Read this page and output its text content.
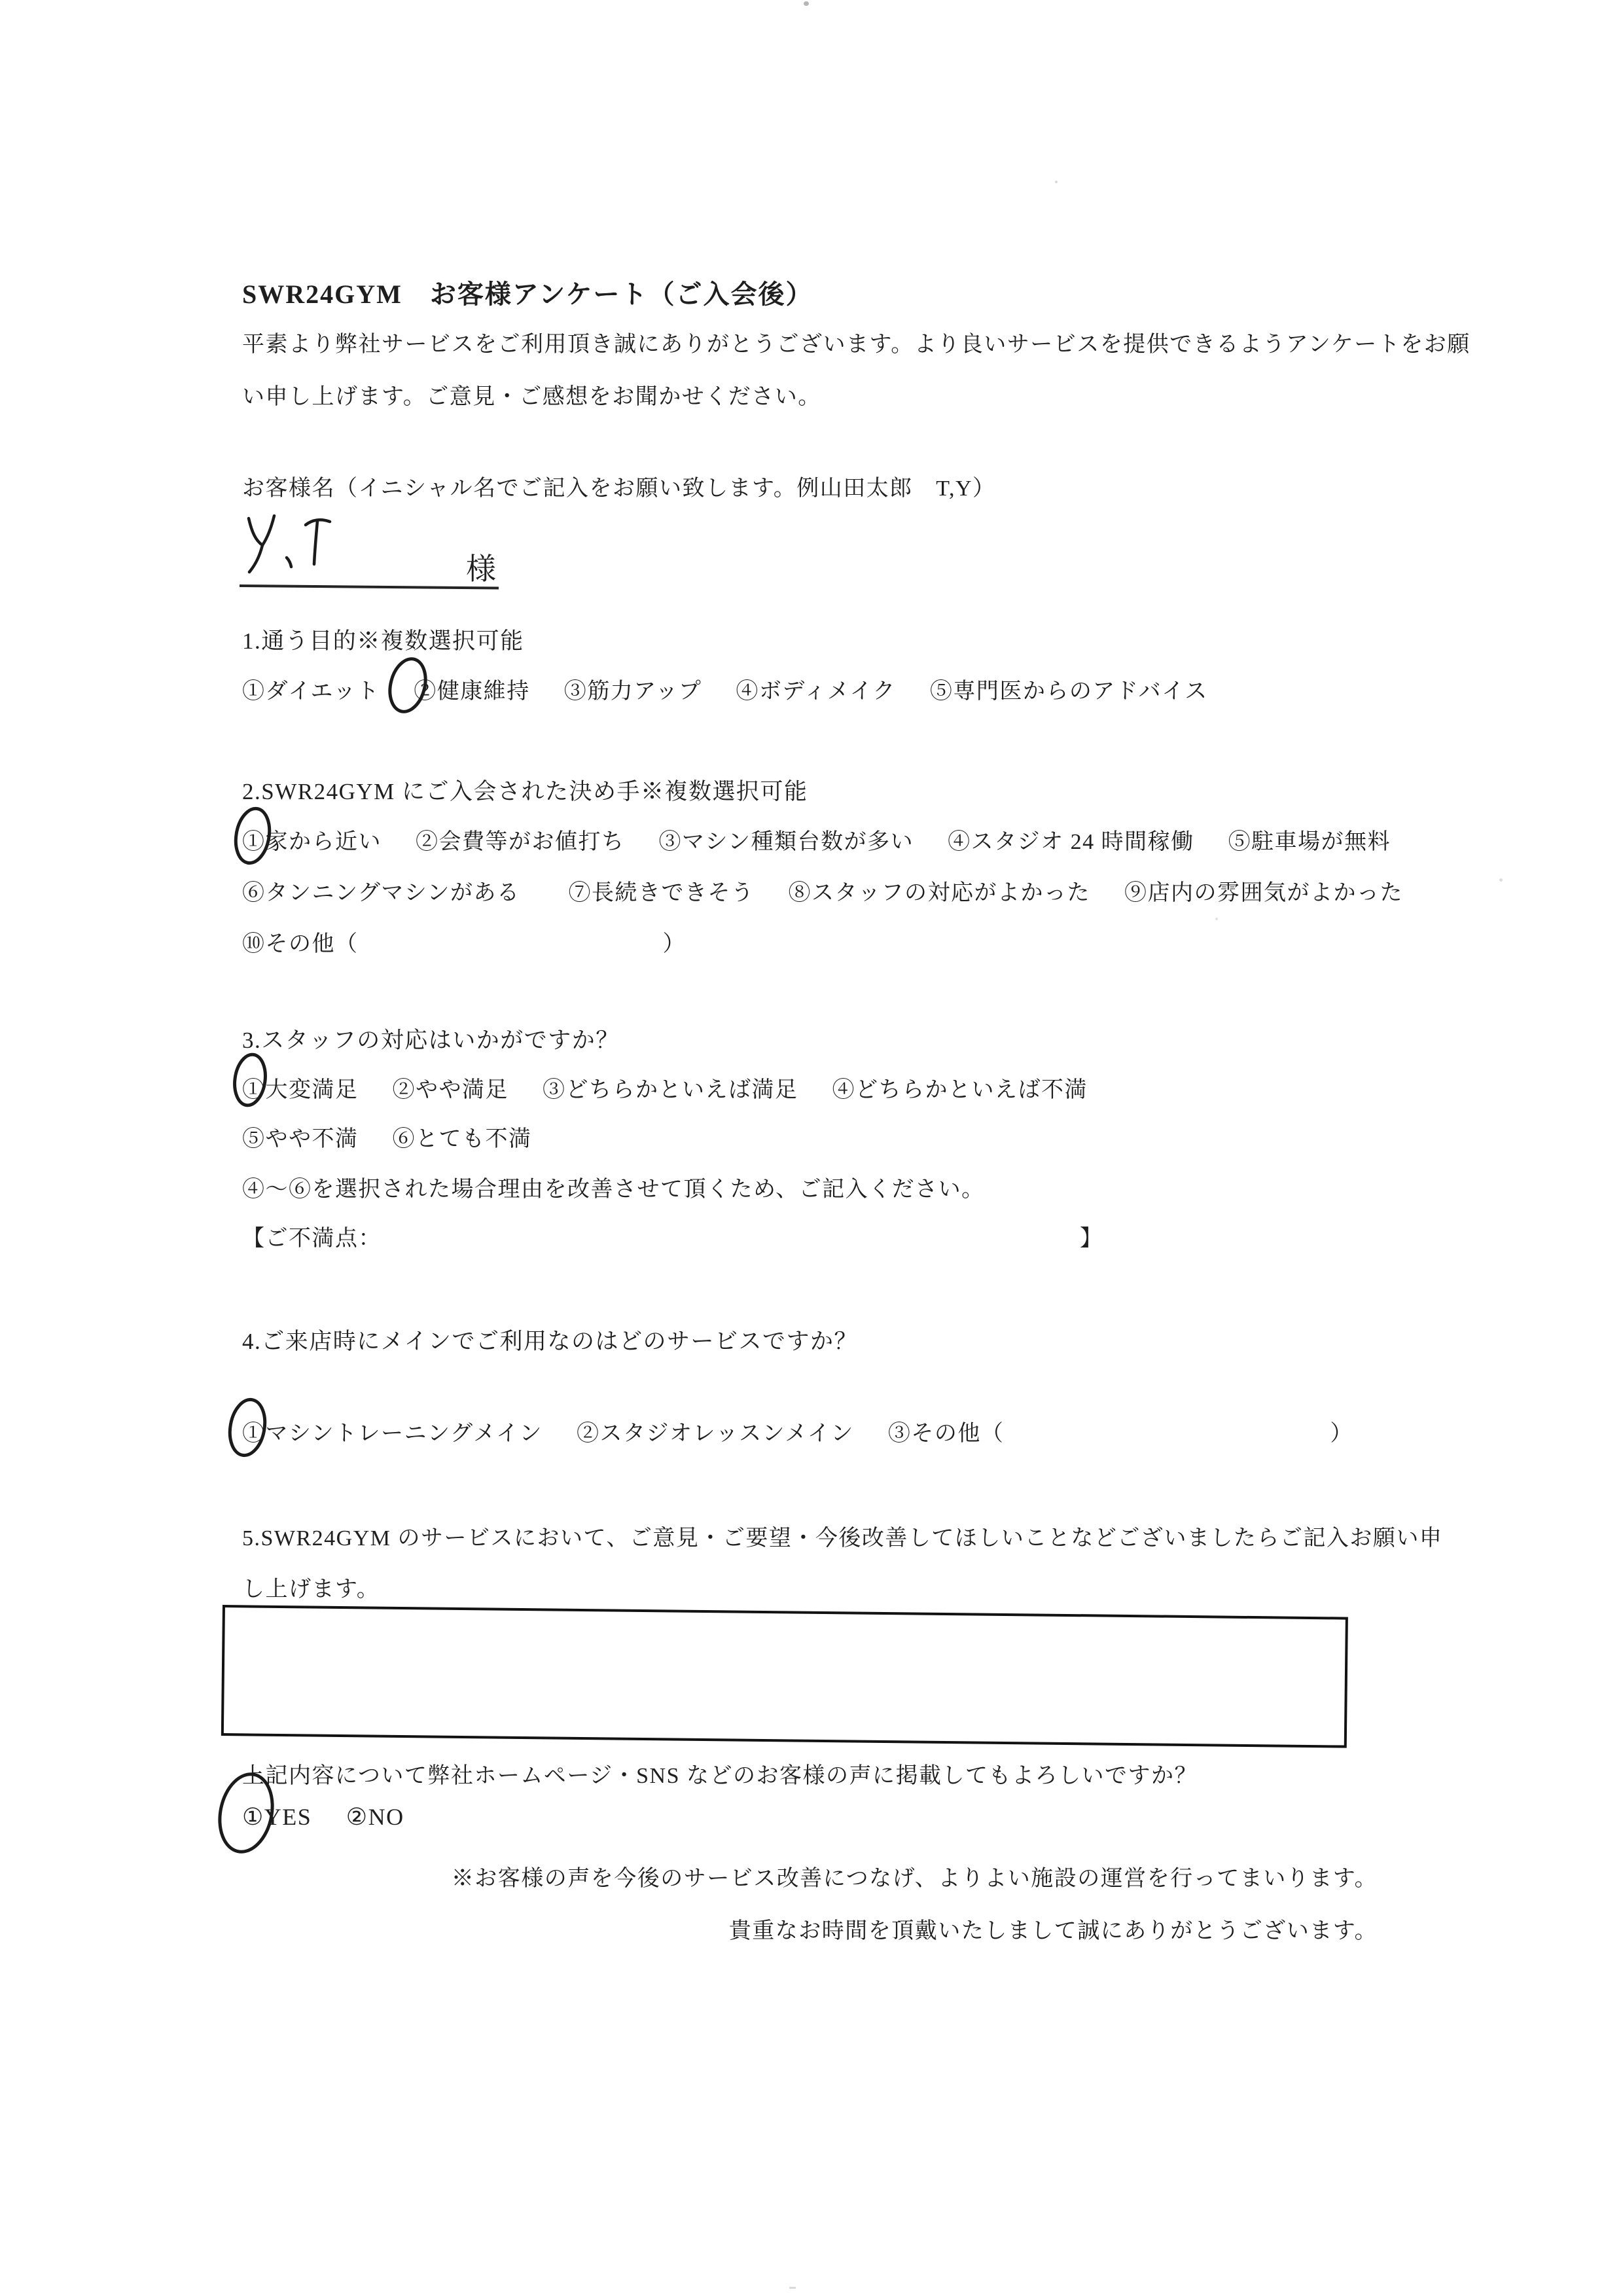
SWR24GYM　お客様アンケート（ご入会後）
平素より弊社サービスをご利用頂き誠にありがとうございます。より良いサービスを提供できるようアンケートをお願
い申し上げます。ご意見・ご感想をお聞かせください。
お客様名（イニシャル名でご記入をお願い致します。例山田太郎　T,Y）
様
1.通う目的※複数選択可能
①ダイエット ②健康維持 ③筋力アップ ④ボディメイク ⑤専門医からのアドバイス
2.SWR24GYM にご入会された決め手※複数選択可能
①家から近い ②会費等がお値打ち ③マシン種類台数が多い ④スタジオ 24 時間稼働 ⑤駐車場が無料
⑥タンニングマシンがある ⑦長続きできそう ⑧スタッフの対応がよかった ⑨店内の雰囲気がよかった
⑩その他（	）
3.スタッフの対応はいかがですか？
①大変満足 ②やや満足 ③どちらかといえば満足 ④どちらかといえば不満
⑤やや不満 ⑥とても不満
④～⑥を選択された場合理由を改善させて頂くため、ご記入ください。
【ご不満点：	】
4.ご来店時にメインでご利用なのはどのサービスですか？
①マシントレーニングメイン ②スタジオレッスンメイン ③その他（	）
5.SWR24GYM のサービスにおいて、ご意見・ご要望・今後改善してほしいことなどございましたらご記入お願い申
し上げます。
上記内容について弊社ホームページ・SNS などのお客様の声に掲載してもよろしいですか？
①YES ②NO
※お客様の声を今後のサービス改善につなげ、よりよい施設の運営を行ってまいります。
貴重なお時間を頂戴いたしまして誠にありがとうございます。
